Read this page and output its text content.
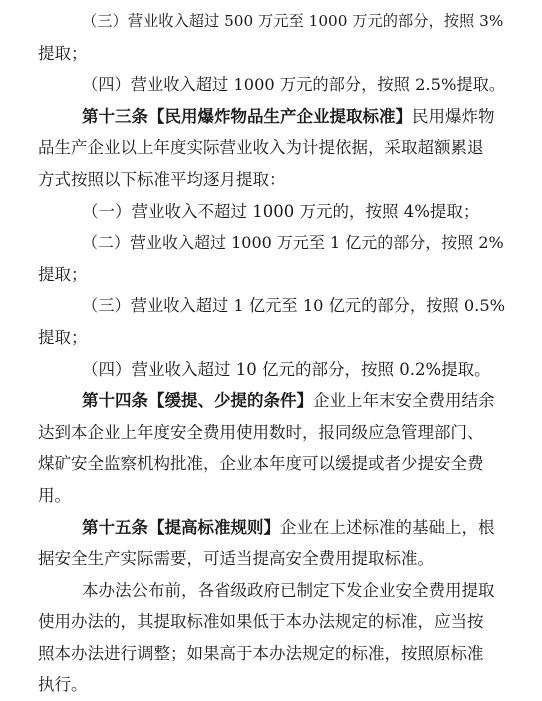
（三）营业收入超过 500 万元至 1000 万元的部分，按照 3%
提取；
（四）营业收入超过 1000 万元的部分，按照 2.5%提取。
第十三条【民用爆炸物品生产企业提取标准】民用爆炸物
品生产企业以上年度实际营业收入为计提依据，采取超额累退
方式按照以下标准平均逐月提取：
（一）营业收入不超过 1000 万元的，按照 4%提取；
（二）营业收入超过 1000 万元至 1 亿元的部分，按照 2%
提取；
（三）营业收入超过 1 亿元至 10 亿元的部分，按照 0.5%
提取；
（四）营业收入超过 10 亿元的部分，按照 0.2%提取。
第十四条【缓提、少提的条件】企业上年末安全费用结余
达到本企业上年度安全费用使用数时，报同级应急管理部门、
煤矿安全监察机构批准，企业本年度可以缓提或者少提安全费
用。
第十五条【提高标准规则】企业在上述标准的基础上，根
据安全生产实际需要，可适当提高安全费用提取标准。
本办法公布前，各省级政府已制定下发企业安全费用提取
使用办法的，其提取标准如果低于本办法规定的标准，应当按
照本办法进行调整；如果高于本办法规定的标准，按照原标准
执行。
